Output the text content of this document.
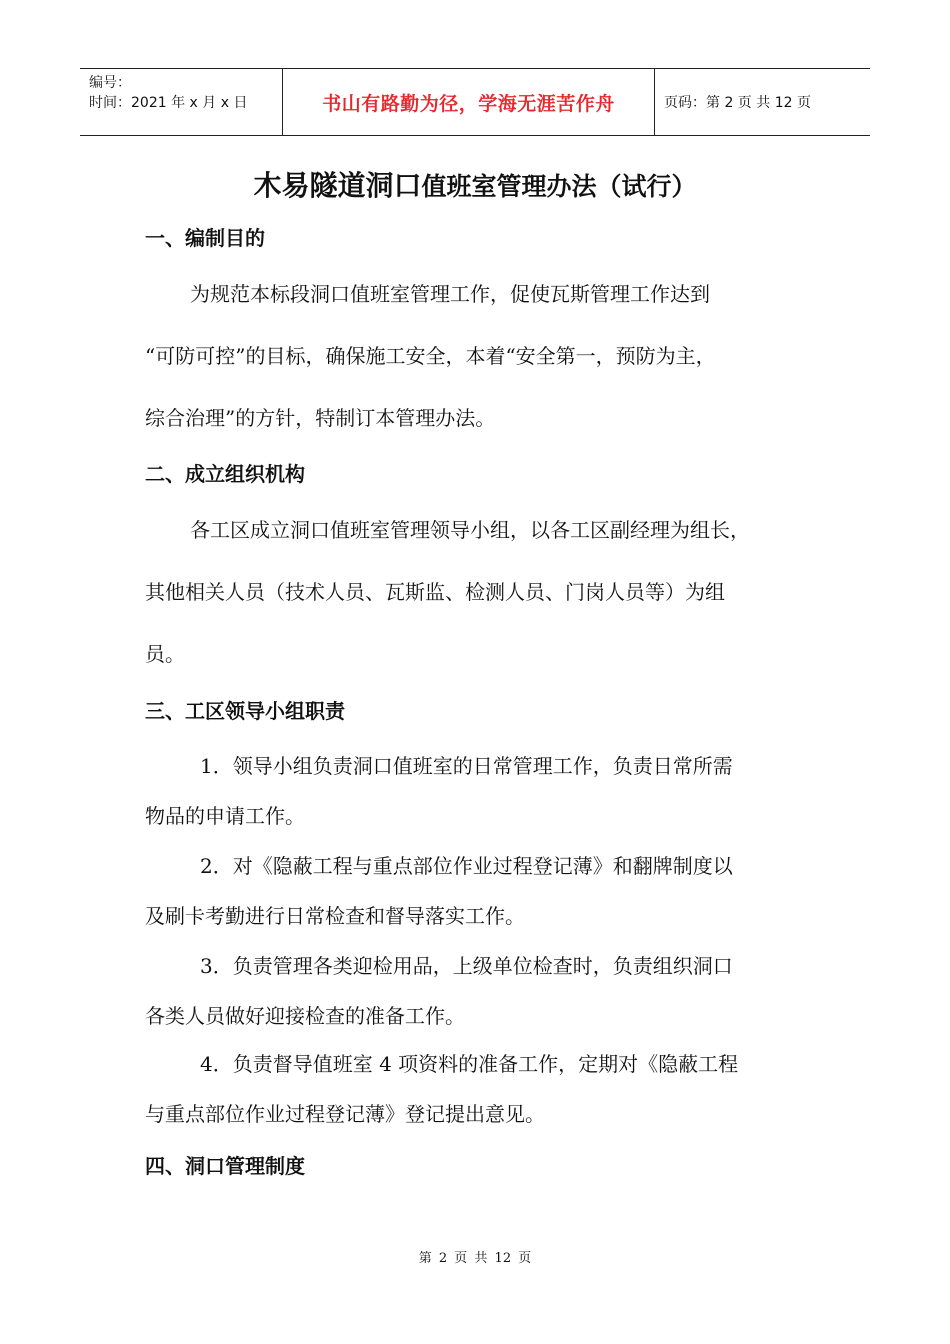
编号：
时间：2021 年 x 月 x 日	书山有路勤为径，学海无涯苦作舟	页码：第 2 页 共 12 页
木易隧道洞口值班室管理办法（试行）
一、编制目的
为规范本标段洞口值班室管理工作，促使瓦斯管理工作达到
“可防可控”的目标，确保施工安全，本着“安全第一，预防为主，
综合治理”的方针，特制订本管理办法。
二、成立组织机构
各工区成立洞口值班室管理领导小组，以各工区副经理为组长，
其他相关人员（技术人员、瓦斯监、检测人员、门岗人员等）为组
员。
三、工区领导小组职责
1．领导小组负责洞口值班室的日常管理工作，负责日常所需
物品的申请工作。
2．对《隐蔽工程与重点部位作业过程登记薄》和翻牌制度以
及刷卡考勤进行日常检查和督导落实工作。
3．负责管理各类迎检用品，上级单位检查时，负责组织洞口
各类人员做好迎接检查的准备工作。
4．负责督导值班室 4 项资料的准备工作，定期对《隐蔽工程
与重点部位作业过程登记薄》登记提出意见。
四、洞口管理制度
第 2 页 共 12 页
